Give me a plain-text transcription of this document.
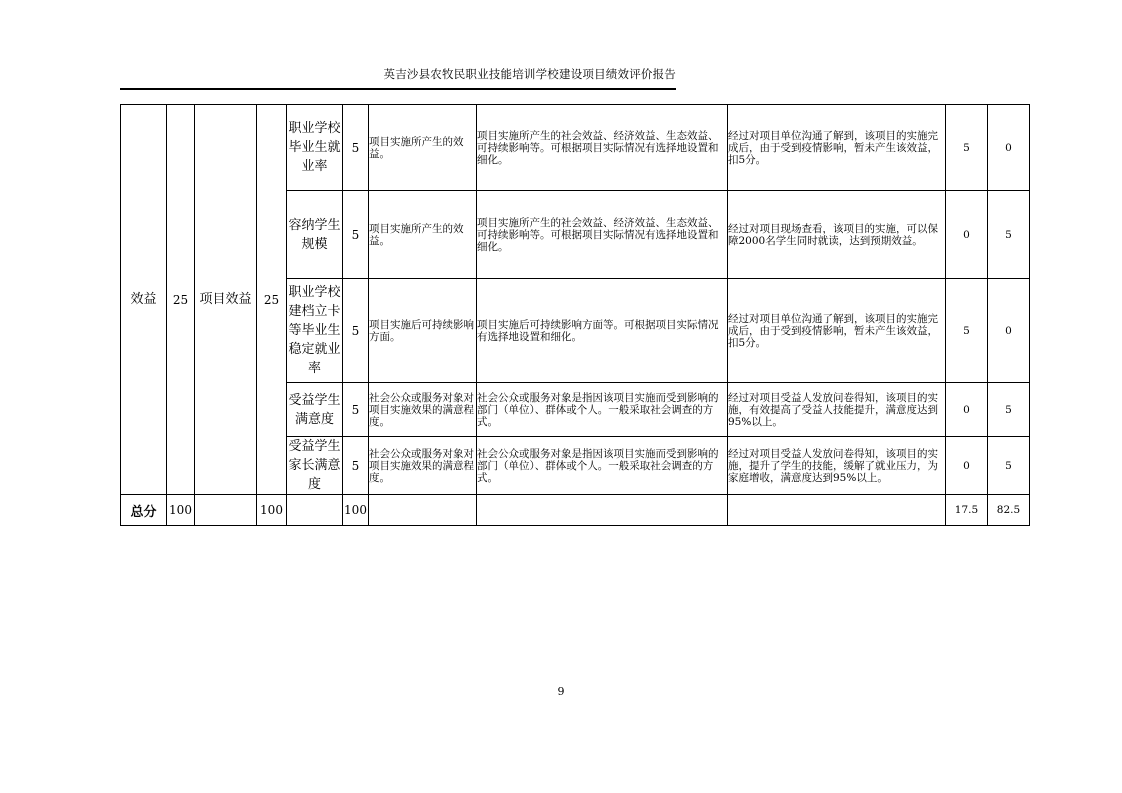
英吉沙县农牧民职业技能培训学校建设项目绩效评价报告
效益	25	项目效益	25	职业学校毕业生就业率	5	项目实施所产生的效益。	项目实施所产生的社会效益、经济效益、生态效益、可持续影响等。可根据项目实际情况有选择地设置和细化。	经过对项目单位沟通了解到，该项目的实施完成后，由于受到疫情影响，暂未产生该效益，扣5分。	5	0
				容纳学生规模	5	项目实施所产生的效益。	项目实施所产生的社会效益、经济效益、生态效益、可持续影响等。可根据项目实际情况有选择地设置和细化。	经过对项目现场查看，该项目的实施，可以保障2000名学生同时就读，达到预期效益。	0	5
				职业学校建档立卡等毕业生稳定就业率	5	项目实施后可持续影响方面。	项目实施后可持续影响方面等。可根据项目实际情况有选择地设置和细化。	经过对项目单位沟通了解到，该项目的实施完成后，由于受到疫情影响，暂未产生该效益，扣5分。	5	0
				受益学生满意度	5	社会公众或服务对象对项目实施效果的满意程度。	社会公众或服务对象是指因该项目实施而受到影响的部门（单位）、群体或个人。一般采取社会调查的方式。	经过对项目受益人发放问卷得知，该项目的实施，有效提高了受益人技能提升，满意度达到95%以上。	0	5
				受益学生家长满意度	5	社会公众或服务对象对项目实施效果的满意程度。	社会公众或服务对象是指因该项目实施而受到影响的部门（单位）、群体或个人。一般采取社会调查的方式。	经过对项目受益人发放问卷得知，该项目的实施，提升了学生的技能，缓解了就业压力，为家庭增收，满意度达到95%以上。	0	5
总分	100		100		100				17.5	82.5
9
